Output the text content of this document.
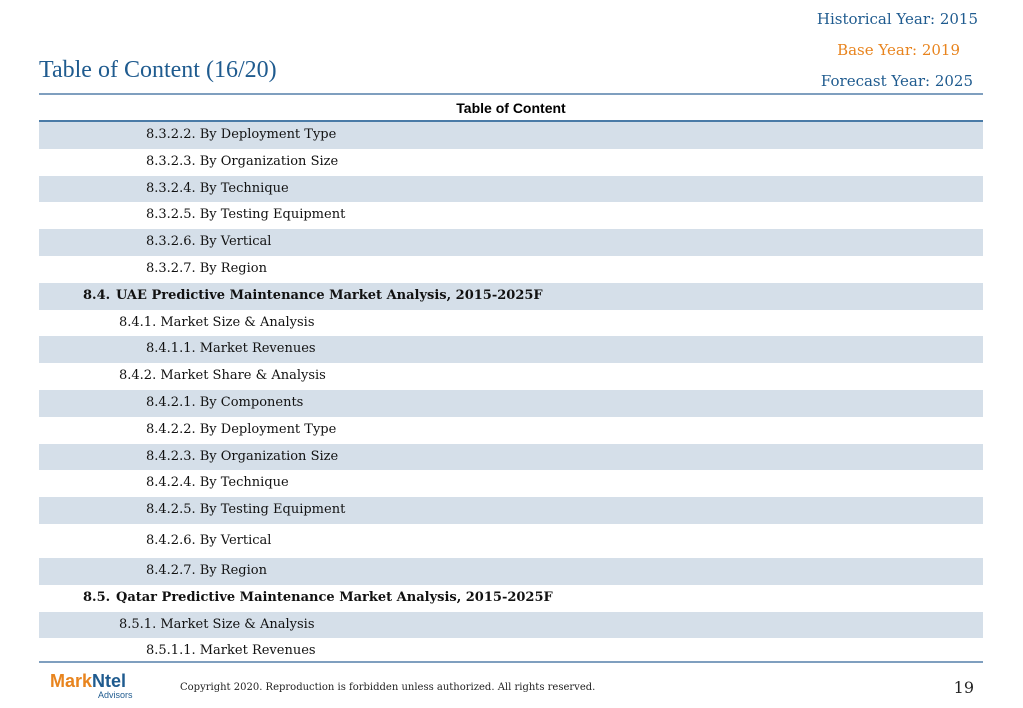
Historical Year: 2015
Base Year: 2019
Forecast Year: 2025
Table of Content (16/20)
Table of Content
8.3.2.2. By Deployment Type
8.3.2.3. By Organization Size
8.3.2.4. By Technique
8.3.2.5. By Testing Equipment
8.3.2.6. By Vertical
8.3.2.7. By Region
8.4. UAE Predictive Maintenance Market Analysis, 2015-2025F
8.4.1. Market Size & Analysis
8.4.1.1. Market Revenues
8.4.2. Market Share & Analysis
8.4.2.1. By Components
8.4.2.2. By Deployment Type
8.4.2.3. By Organization Size
8.4.2.4. By Technique
8.4.2.5. By Testing Equipment
8.4.2.6. By Vertical
8.4.2.7. By Region
8.5. Qatar Predictive Maintenance Market Analysis, 2015-2025F
8.5.1. Market Size & Analysis
8.5.1.1. Market Revenues
MarkNtel
Advisors
Copyright 2020. Reproduction is forbidden unless authorized. All rights reserved.	19
